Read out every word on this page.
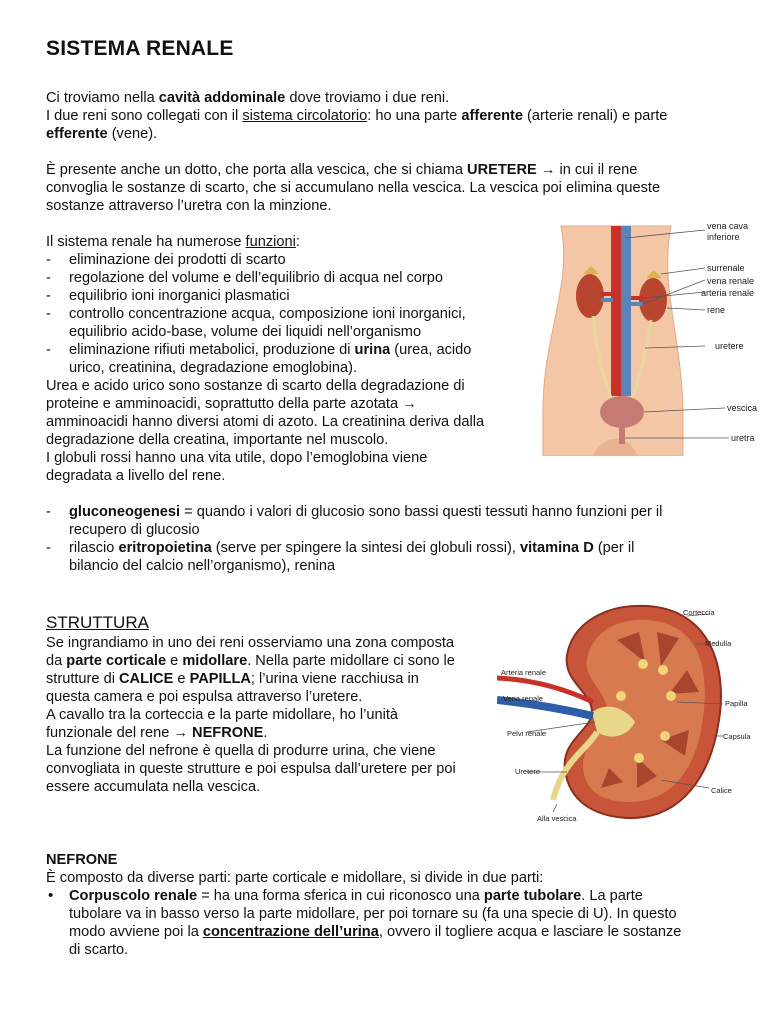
SISTEMA RENALE

Ci troviamo nella cavità addominale dove troviamo i due reni.

I due reni sono collegati con il sistema circolatorio: ho una parte afferente (arterie renali) e parte

efferente (vene).

È presente anche un dotto, che porta alla vescica, che si chiama URETERE → in cui il rene

convoglia le sostanze di scarto, che si accumulano nella vescica. La vescica poi elimina queste

sostanze attraverso l’uretra con la minzione.

Il sistema renale ha numerose funzioni:

- eliminazione dei prodotti di scarto
- regolazione del volume e dell’equilibrio di acqua nel corpo
- equilibrio ioni inorganici plasmatici
- controllo concentrazione acqua, composizione ioni inorganici,
equilibrio acido-base, volume dei liquidi nell’organismo
- eliminazione rifiuti metabolici, produzione di urina (urea, acido
urico, creatinina, degradazione emoglobina).

Urea e acido urico sono sostanze di scarto della degradazione di

proteine e amminoacidi, soprattutto della parte azotata →

amminoacidi hanno diversi atomi di azoto. La creatinina deriva dalla

degradazione della creatina, importante nel muscolo.

I globuli rossi hanno una vita utile, dopo l’emoglobina viene

degradata a livello del rene.

- gluconeogenesi = quando i valori di glucosio sono bassi questi tessuti hanno funzioni per il
recupero di glucosio
- rilascio eritropoietina (serve per spingere la sintesi dei globuli rossi), vitamina D (per il
bilancio del calcio nell’organismo), renina
STRUTTURA

Se ingrandiamo in uno dei reni osserviamo una zona composta

da parte corticale e midollare. Nella parte midollare ci sono le

strutture di CALICE e PAPILLA; l’urina viene racchiusa in

questa camera e poi espulsa attraverso l’uretere.

A cavallo tra la corteccia e la parte midollare, ho l’unità

funzionale del rene → NEFRONE.

La funzione del nefrone è quella di produrre urina, che viene

convogliata in queste strutture e poi espulsa dall’uretere per poi

essere accumulata nella vescica.

NEFRONE

È composto da diverse parti: parte corticale e midollare, si divide in due parti:

• Corpuscolo renale = ha una forma sferica in cui riconosco una parte tubolare. La parte
tubolare va in basso verso la parte midollare, per poi tornare su (fa una specie di U). In questo
modo avviene poi la concentrazione dell’urina, ovvero il togliere acqua e lasciare le sostanze
di scarto.
vena cava
inferiore
surrenale
vena renale
arteria renale
rene
uretere
vescica
uretra
Corteccia
Medulla
Arteria renale
Vena renale
Papilla
Pelvi renale	Capsula
Uretere
Calice
Alla vescica
